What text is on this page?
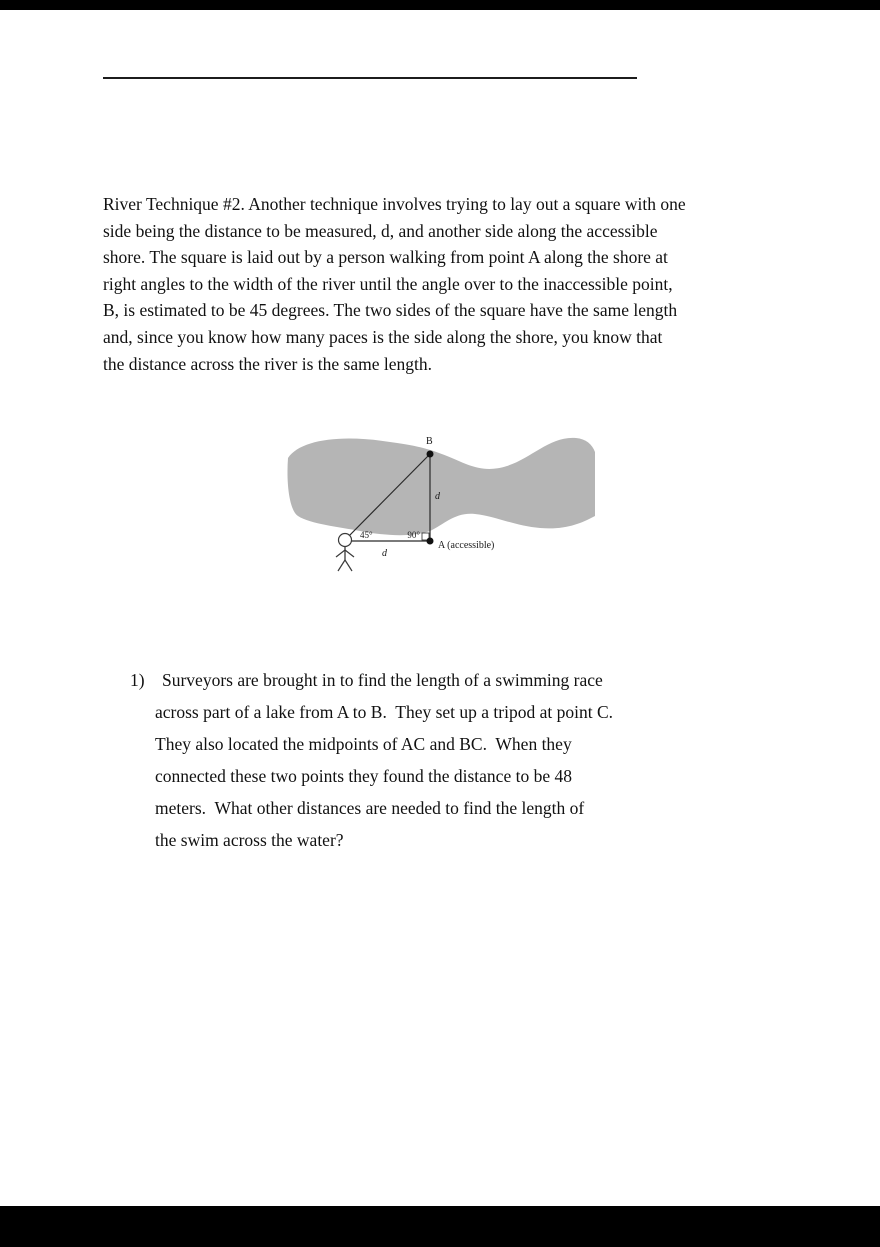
River Technique #2. Another technique involves trying to lay out a square with one
side being the distance to be measured, d, and another side along the accessible
shore. The square is laid out by a person walking from point A along the shore at
right angles to the width of the river until the angle over to the inaccessible point,
B, is estimated to be 45 degrees. The two sides of the square have the same length
and, since you know how many paces is the side along the shore, you know that
the distance across the river is the same length.
B
45°	90°
d
d
A (accessible)
1) Surveyors are brought in to find the length of a swimming race
across part of a lake from A to B.  They set up a tripod at point C.
They also located the midpoints of AC and BC.  When they
connected these two points they found the distance to be 48
meters.  What other distances are needed to find the length of
the swim across the water?
